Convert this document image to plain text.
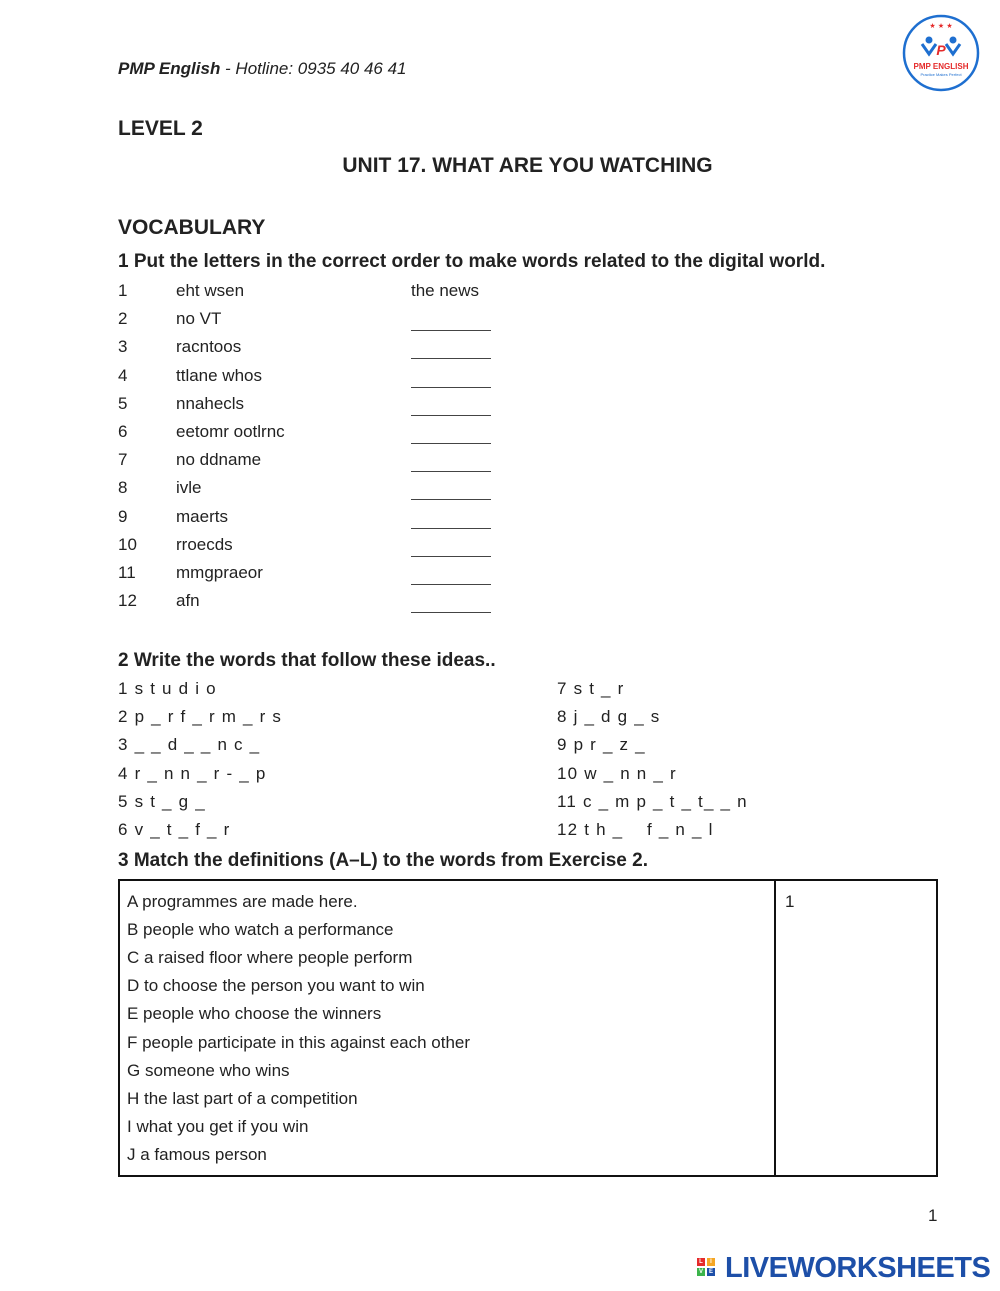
PMP English - Hotline: 0935 40 46 41
★ ★ ★
P
PMP ENGLISH
Practice Makes Perfect
LEVEL 2
UNIT 17. WHAT ARE YOU WATCHING
VOCABULARY
1 Put the letters in the correct order to make words related to the digital world.
1	eht wsen	the news
2	no VT
3	racntoos
4	ttlane whos
5	nnahecls
6	eetomr ootlrnc
7	no ddname
8	ivle
9	maerts
10 rroecds
11 mmgpraeor
12 afn
2 Write the words that follow these ideas..
1 s t u d i o
2 p _ r f _ r m _ r s
3 _ _ d _ _ n c _
4 r _ n n _ r - _ p
5 s t _ g _
6 v _ t _ f _ r
7 s t _ r
8 j _ d g _ s
9 p r _ z _
10 w _ n n _ r
11 c _ m p _ t _ t_ _ n
12 t h _    f _ n _ l
3 Match the definitions (A–L) to the words from Exercise 2.
A programmes are made here.
B people who watch a performance
C a raised floor where people perform
D to choose the person you want to win
E people who choose the winners
F people participate in this against each other
G someone who wins
H the last part of a competition
I what you get if you win
J a famous person
1
1
L	I
V E LIVEWORKSHEETS
